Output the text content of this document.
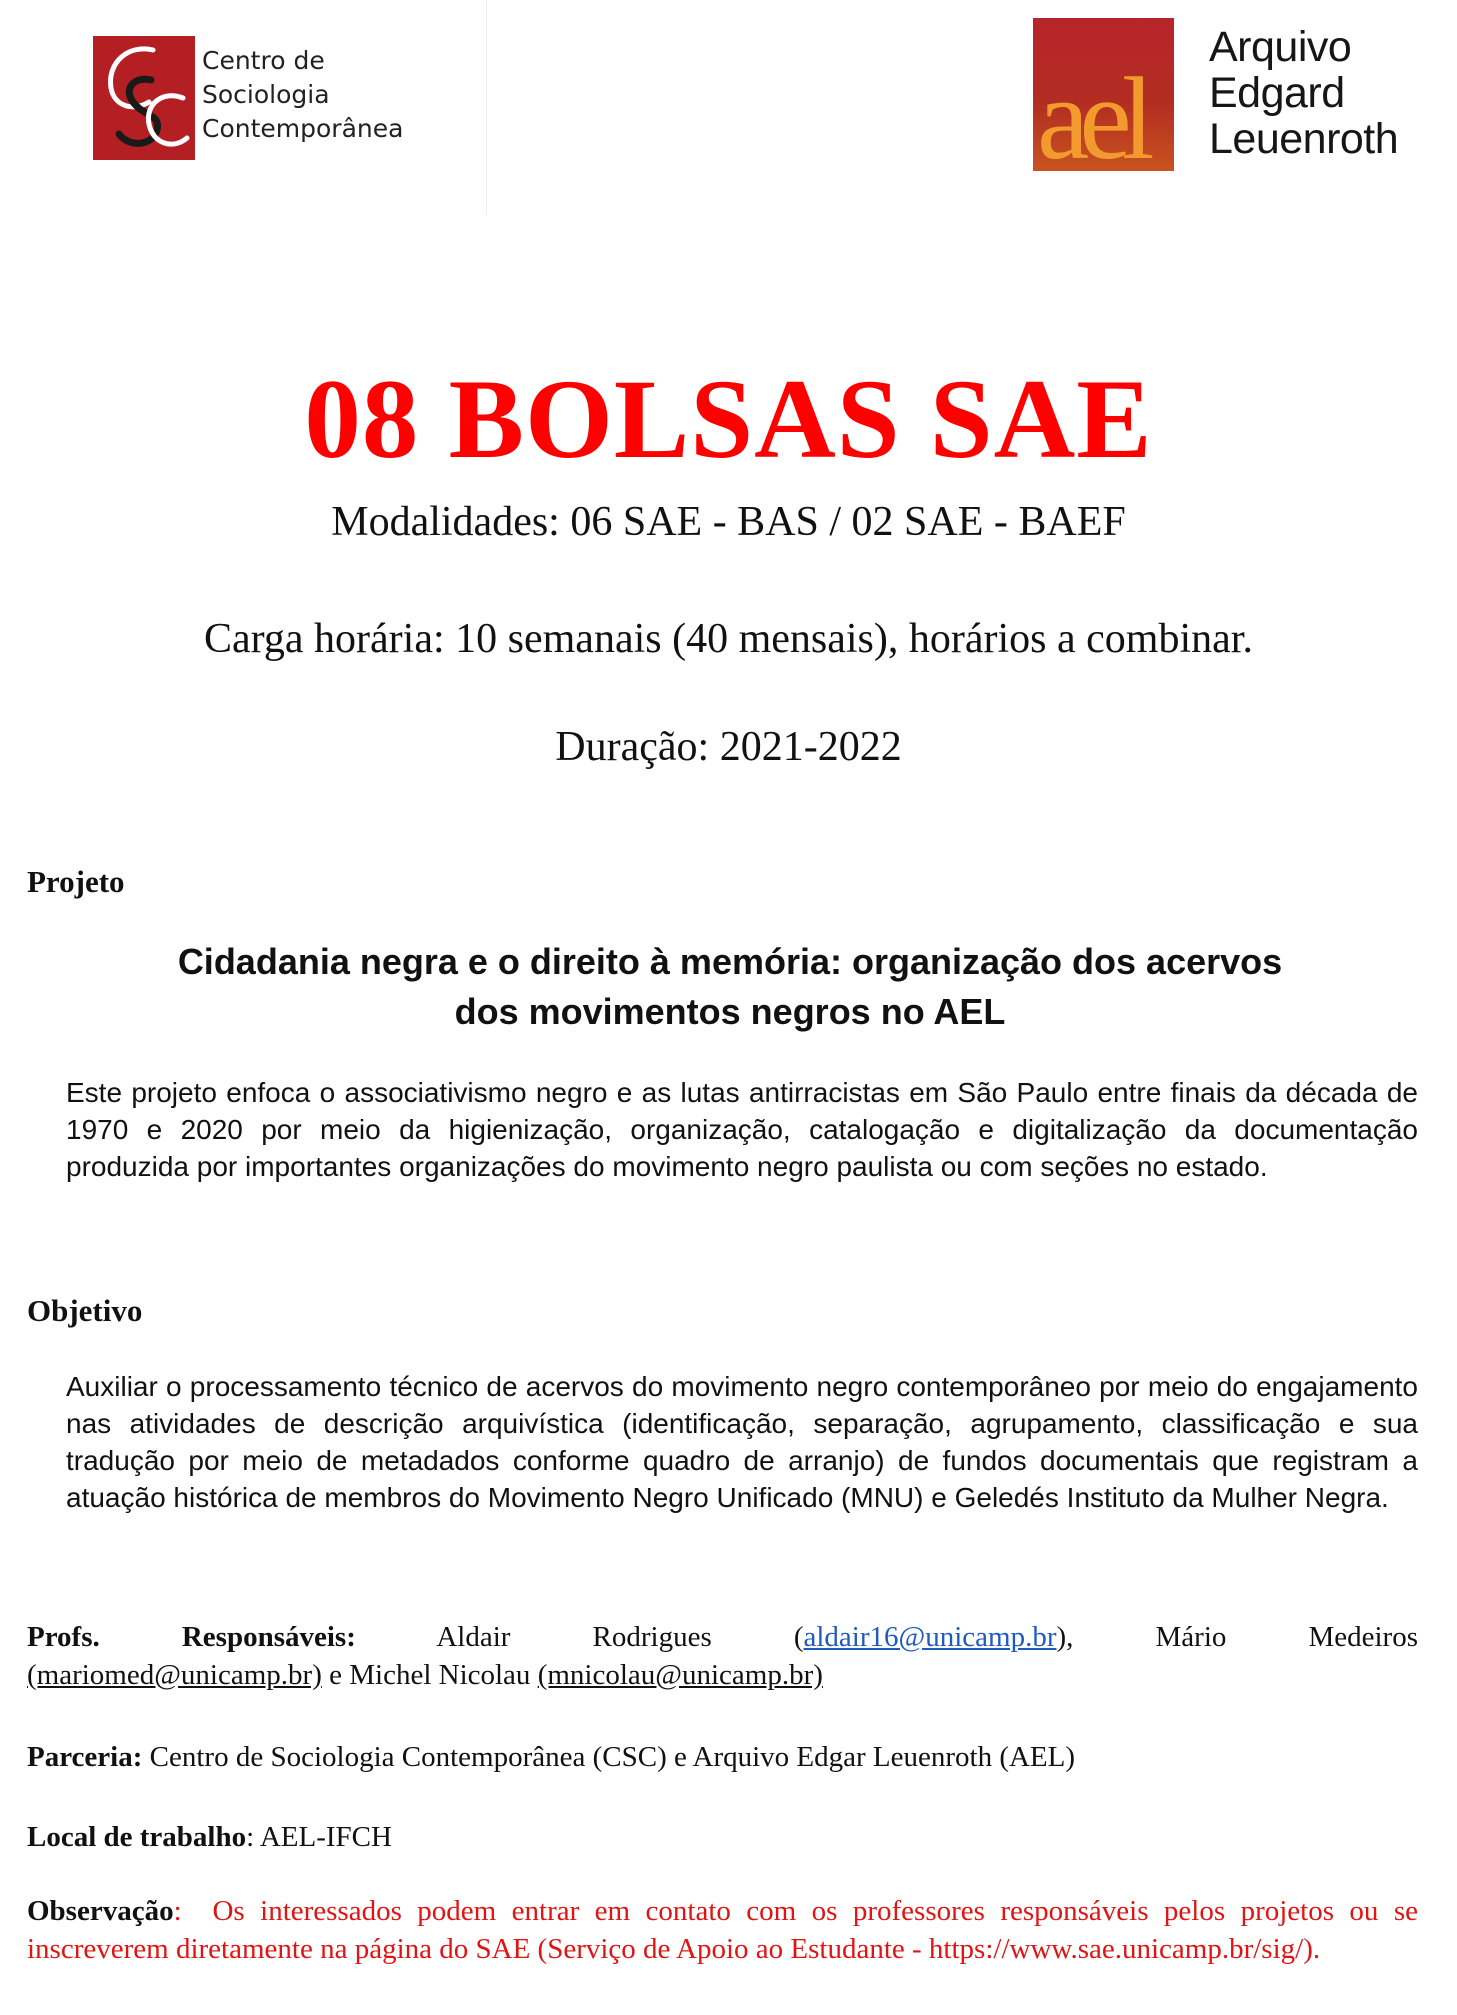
Centro de
Sociologia
Contemporânea	ael
Arquivo
Edgard
Leuenroth
08 BOLSAS SAE
Modalidades: 06 SAE - BAS / 02 SAE - BAEF
Carga horária: 10 semanais (40 mensais), horários a combinar.
Duração: 2021-2022
Projeto
Cidadania negra e o direito à memória: organização dos acervos
dos movimentos negros no AEL
Este projeto enfoca o associativismo negro e as lutas antirracistas em São Paulo entre finais da década de 1970 e 2020 por meio da higienização, organização, catalogação e digitalização da documentação produzida por importantes organizações do movimento negro paulista ou com seções no estado.
Objetivo
Auxiliar o processamento técnico de acervos do movimento negro contemporâneo por meio do engajamento nas atividades de descrição arquivística (identificação, separação, agrupamento, classificação e sua tradução por meio de metadados conforme quadro de arranjo) de fundos documentais que registram a atuação histórica de membros do Movimento Negro Unificado (MNU) e Geledés Instituto da Mulher Negra.
Profs. Responsáveis:	Aldair Rodrigues	(aldair16@unicamp.br),	Mário Medeiros
(mariomed@unicamp.br) e Michel Nicolau (mnicolau@unicamp.br)
Parceria: Centro de Sociologia Contemporânea (CSC) e Arquivo Edgar Leuenroth (AEL)
Local de trabalho: AEL-IFCH
Observação:  Os interessados podem entrar em contato com os professores responsáveis pelos projetos ou se inscreverem diretamente na página do SAE (Serviço de Apoio ao Estudante - https://www.sae.unicamp.br/sig/).
